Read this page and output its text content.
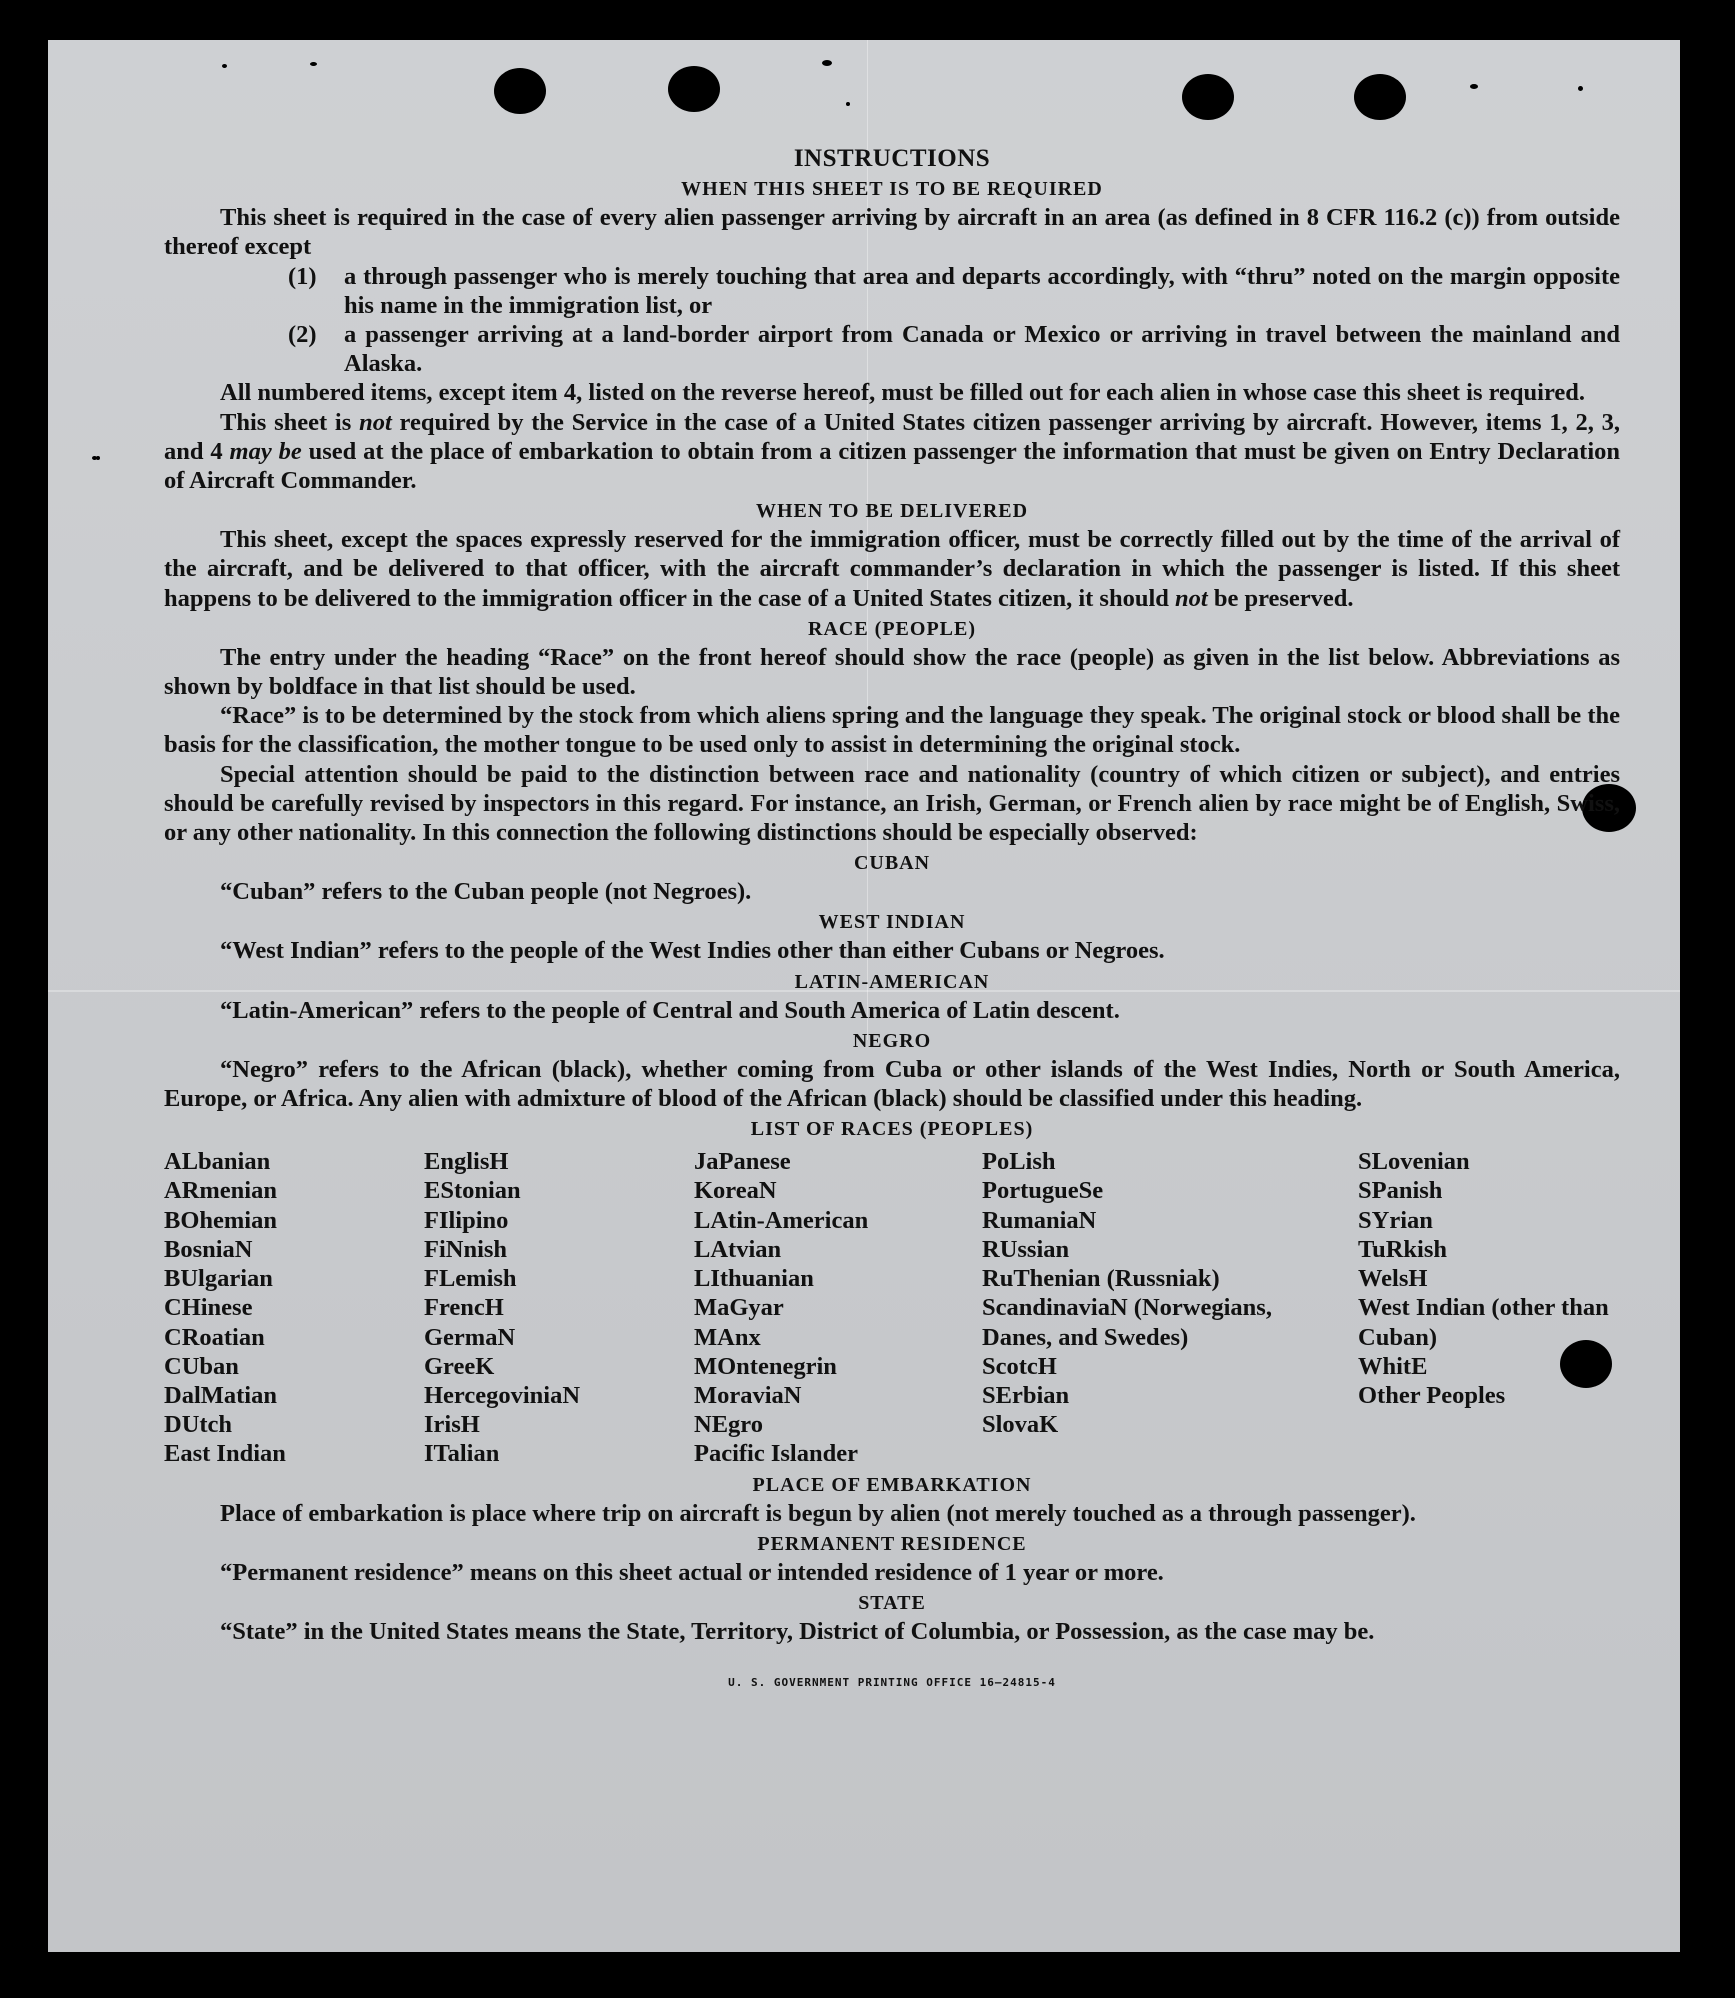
INSTRUCTIONS
WHEN THIS SHEET IS TO BE REQUIRED

This sheet is required in the case of every alien passenger arriving by aircraft in an area (as defined in 8 CFR 116.2 (c)) from outside thereof except

(1)	a through passenger who is merely touching that area and departs accordingly, with “thru” noted on the margin opposite his name in the immigration list, or
(2)	a passenger arriving at a land-border airport from Canada or Mexico or arriving in travel between the mainland and Alaska.

All numbered items, except item 4, listed on the reverse hereof, must be filled out for each alien in whose case this sheet is required.

This sheet is not required by the Service in the case of a United States citizen passenger arriving by aircraft. However, items 1, 2, 3, and 4 may be used at the place of embarkation to obtain from a citizen passenger the information that must be given on Entry Declaration of Aircraft Commander.

WHEN TO BE DELIVERED

This sheet, except the spaces expressly reserved for the immigration officer, must be correctly filled out by the time of the arrival of the aircraft, and be delivered to that officer, with the aircraft commander’s declaration in which the passenger is listed. If this sheet happens to be delivered to the immigration officer in the case of a United States citizen, it should not be preserved.

RACE (PEOPLE)

The entry under the heading “Race” on the front hereof should show the race (people) as given in the list below. Abbreviations as shown by boldface in that list should be used.

“Race” is to be determined by the stock from which aliens spring and the language they speak. The original stock or blood shall be the basis for the classification, the mother tongue to be used only to assist in determining the original stock.

Special attention should be paid to the distinction between race and nationality (country of which citizen or subject), and entries should be carefully revised by inspectors in this regard. For instance, an Irish, German, or French alien by race might be of English, Swiss, or any other nationality. In this connection the following distinctions should be especially observed:

CUBAN

“Cuban” refers to the Cuban people (not Negroes).

WEST INDIAN

“West Indian” refers to the people of the West Indies other than either Cubans or Negroes.

LATIN-AMERICAN

“Latin-American” refers to the people of Central and South America of Latin descent.

NEGRO

“Negro” refers to the African (black), whether coming from Cuba or other islands of the West Indies, North or South America, Europe, or Africa. Any alien with admixture of blood of the African (black) should be classified under this heading.

LIST OF RACES (PEOPLES)
ALbanian
ARmenian
BOhemian
BosniaN
BUlgarian
CHinese
CRoatian
CUban
DalMatian
DUtch
East Indian
EnglisH
EStonian
FIlipino
FiNnish
FLemish
FrencH
GermaN
GreeK
HercegoviniaN
IrisH
ITalian
JaPanese
KoreaN
LAtin-American
LAtvian
LIthuanian
MaGyar
MAnx
MOntenegrin
MoraviaN
NEgro
Pacific Islander
PoLish
PortugueSe
RumaniaN
RUssian
RuThenian (Russniak)
ScandinaviaN (Norwegians, Danes, and Swedes)
ScotcH
SErbian
SlovaK
SLovenian
SPanish
SYrian
TuRkish
WelsH
West Indian (other than Cuban)
WhitE
Other Peoples
PLACE OF EMBARKATION

Place of embarkation is place where trip on aircraft is begun by alien (not merely touched as a through passenger).

PERMANENT RESIDENCE

“Permanent residence” means on this sheet actual or intended residence of 1 year or more.

STATE

“State” in the United States means the State, Territory, District of Columbia, or Possession, as the case may be.

U. S. GOVERNMENT PRINTING OFFICE 16—24815-4
